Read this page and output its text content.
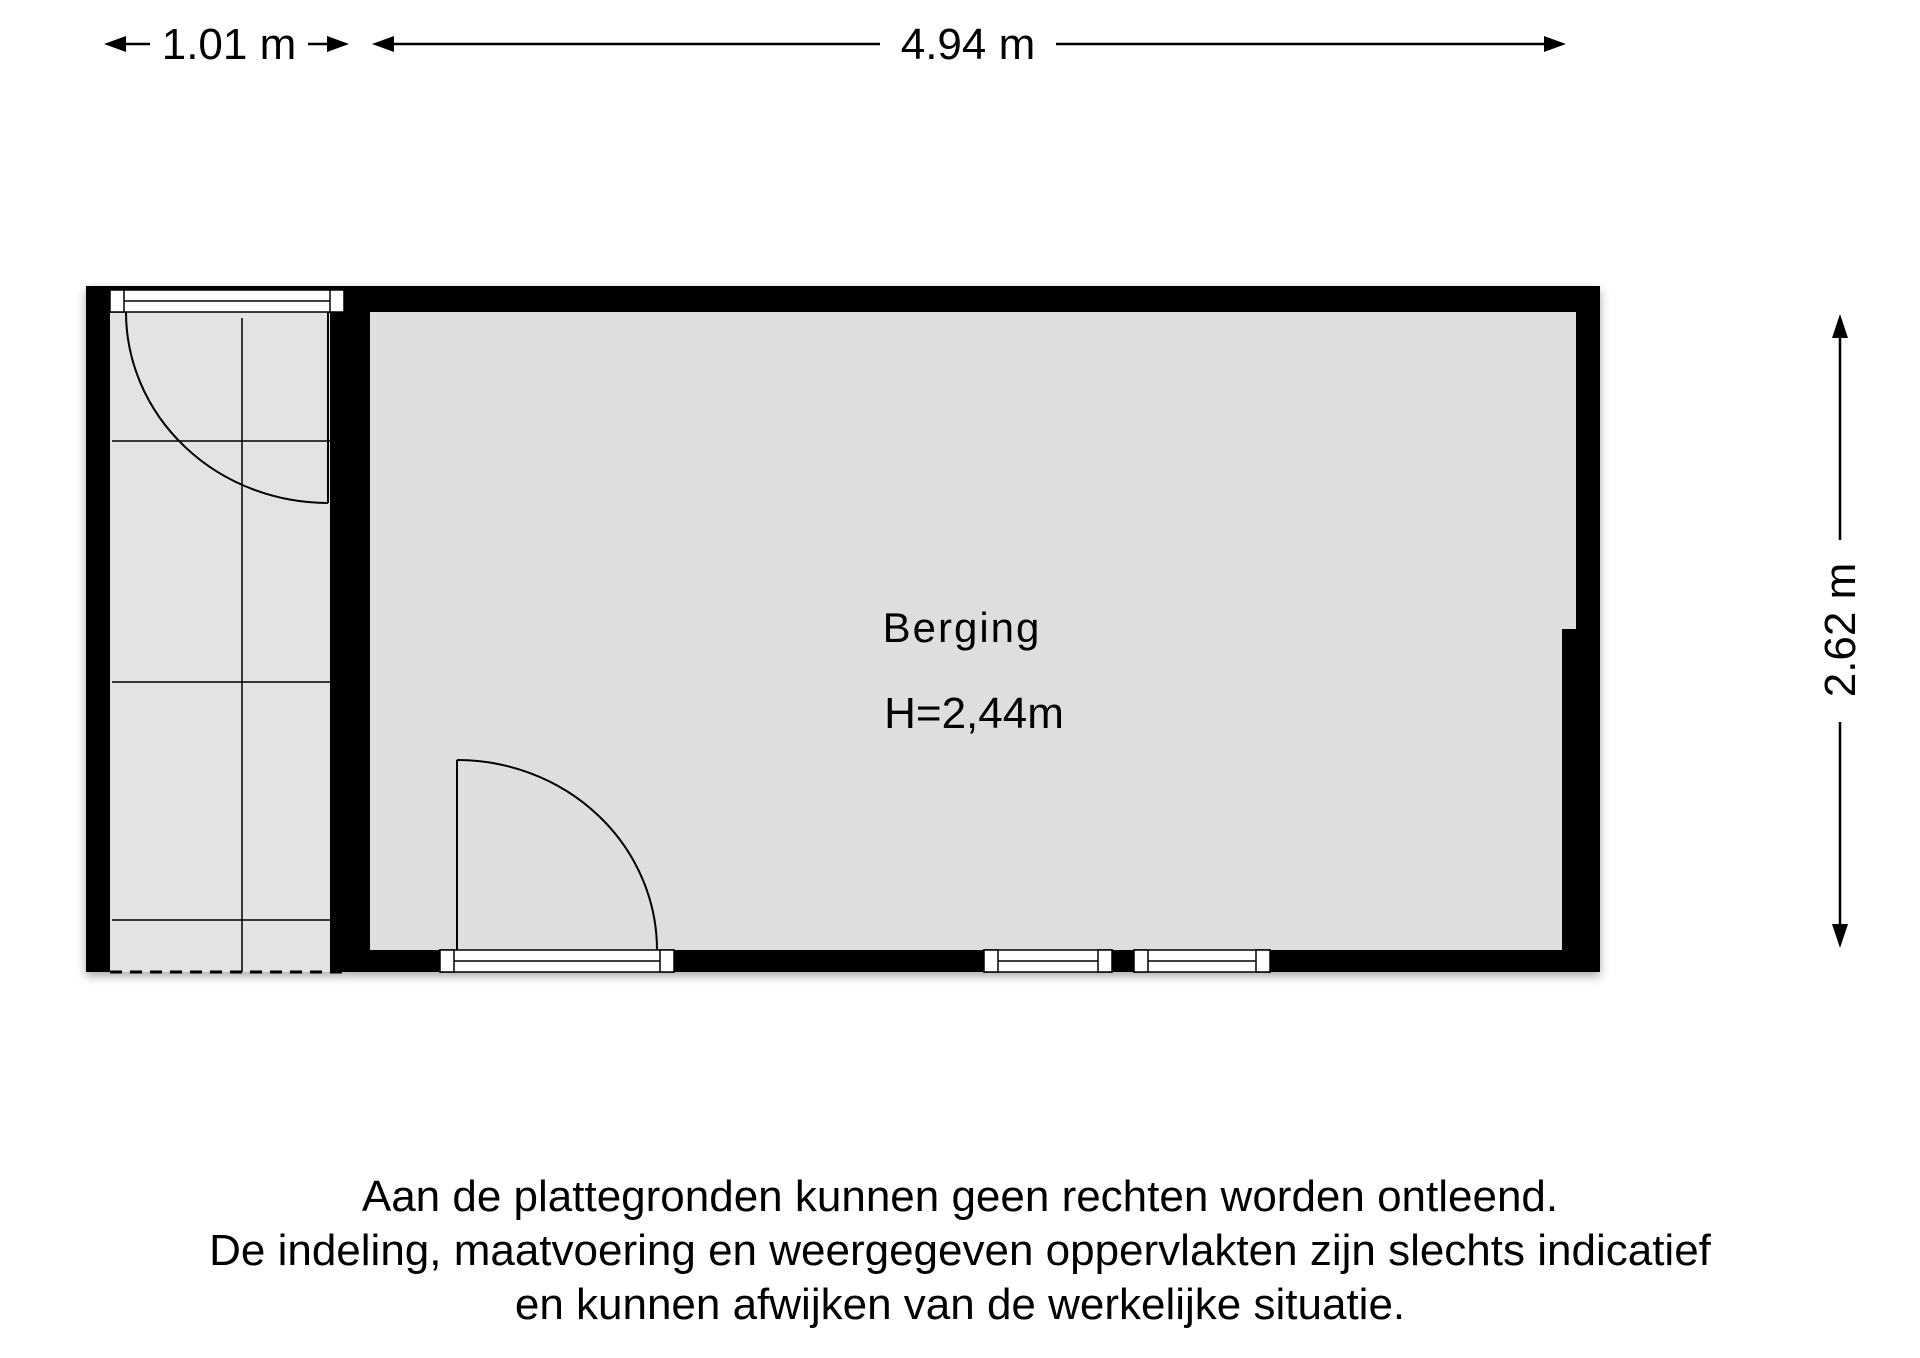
1.01 m	4.94 m
2.62 m
Berging
H=2,44m
Aan de plattegronden kunnen geen rechten worden ontleend.
De indeling, maatvoering en weergegeven oppervlakten zijn slechts indicatief
en kunnen afwijken van de werkelijke situatie.
